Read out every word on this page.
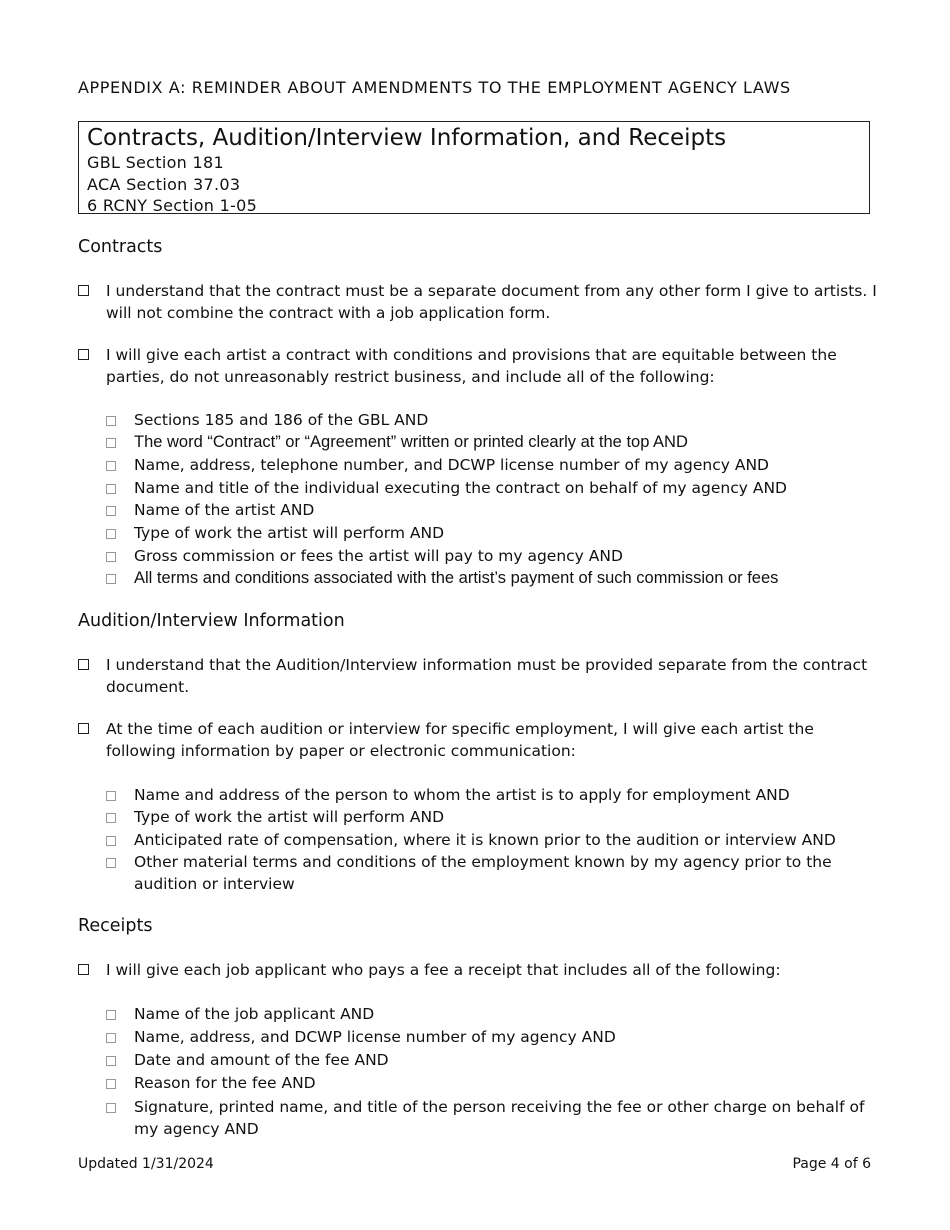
APPENDIX A: REMINDER ABOUT AMENDMENTS TO THE EMPLOYMENT AGENCY LAWS
Contracts, Audition/Interview Information, and Receipts
GBL Section 181
ACA Section 37.03
6 RCNY Section 1-05
Contracts
I understand that the contract must be a separate document from any other form I give to artists. I will not combine the contract with a job application form.
I will give each artist a contract with conditions and provisions that are equitable between the parties, do not unreasonably restrict business, and include all of the following:
Sections 185 and 186 of the GBL AND
The word “Contract” or “Agreement” written or printed clearly at the top AND
Name, address, telephone number, and DCWP license number of my agency AND
Name and title of the individual executing the contract on behalf of my agency AND
Name of the artist AND
Type of work the artist will perform AND
Gross commission or fees the artist will pay to my agency AND
All terms and conditions associated with the artist’s payment of such commission or fees
Audition/Interview Information
I understand that the Audition/Interview information must be provided separate from the contract document.
At the time of each audition or interview for specific employment, I will give each artist the following information by paper or electronic communication:
Name and address of the person to whom the artist is to apply for employment AND
Type of work the artist will perform AND
Anticipated rate of compensation, where it is known prior to the audition or interview AND
Other material terms and conditions of the employment known by my agency prior to the audition or interview
Receipts
I will give each job applicant who pays a fee a receipt that includes all of the following:
Name of the job applicant AND
Name, address, and DCWP license number of my agency AND
Date and amount of the fee AND
Reason for the fee AND
Signature, printed name, and title of the person receiving the fee or other charge on behalf of my agency AND
Updated 1/31/2024	Page 4 of 6
